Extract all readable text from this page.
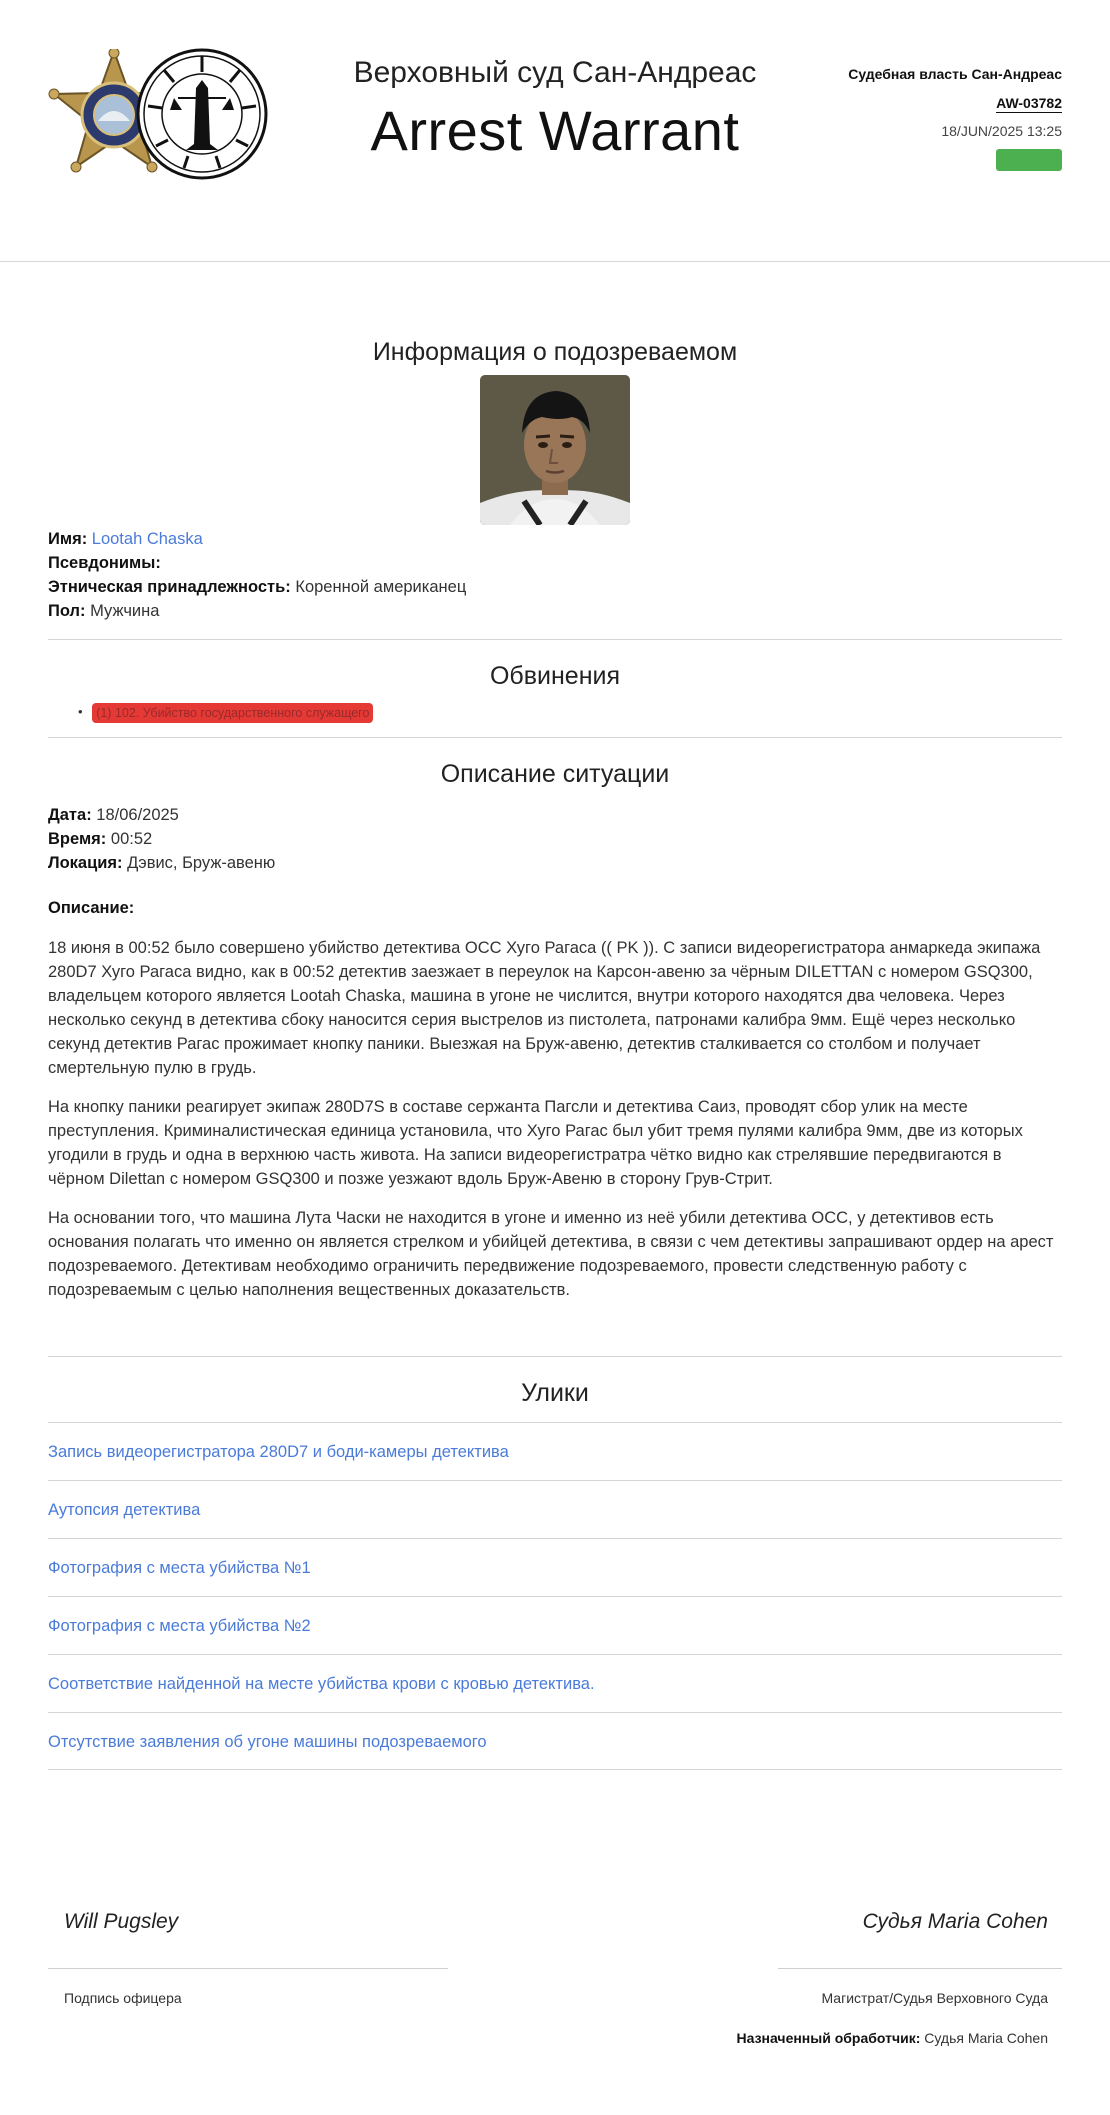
Верховный суд Сан-Андреас
Arrest Warrant
Судебная власть Сан-Андреас
AW-03782
18/JUN/2025 13:25
Информация о подозреваемом
Имя: Lootah Chaska
Псевдонимы:
Этническая принадлежность: Коренной американец
Пол: Мужчина
Обвинения
• (1) 102. Убийство государственного служащего
Описание ситуации
Дата: 18/06/2025
Время: 00:52
Локация: Дэвис, Бруж-авеню
Описание:

18 июня в 00:52 было совершено убийство детектива OCC Хуго Рагаса (( PK )). С записи видеорегистратора анмаркеда экипажа 280D7 Хуго Рагаса видно, как в 00:52 детектив заезжает в переулок на Карсон-авеню за чёрным DILETTAN с номером GSQ300, владельцем которого является Lootah Chaska, машина в угоне не числится, внутри которого находятся два человека. Через несколько секунд в детектива сбоку наносится серия выстрелов из пистолета, патронами калибра 9мм. Ещё через несколько секунд детектив Рагас прожимает кнопку паники. Выезжая на Бруж-авеню, детектив сталкивается со столбом и получает смертельную пулю в грудь.

На кнопку паники реагирует экипаж 280D7S в составе сержанта Пагсли и детектива Саиз, проводят сбор улик на месте преступления. Криминалистическая единица установила, что Хуго Рагас был убит тремя пулями калибра 9мм, две из которых угодили в грудь и одна в верхнюю часть живота. На записи видеорегистратра чётко видно как стрелявшие передвигаются в чёрном Dilettan с номером GSQ300 и позже уезжают вдоль Бруж-Авеню в сторону Грув-Стрит.

На основании того, что машина Лута Часки не находится в угоне и именно из неё убили детектива OCC, у детективов есть основания полагать что именно он является стрелком и убийцей детектива, в связи с чем детективы запрашивают ордер на арест подозреваемого. Детективам необходимо ограничить передвижение подозреваемого, провести следственную работу с подозреваемым с целью наполнения вещественных доказательств.

Улики
Запись видеорегистратора 280D7 и боди-камеры детектива
Аутопсия детектива
Фотография с места убийства №1
Фотография с места убийства №2
Соответствие найденной на месте убийства крови с кровью детектива.
Отсутствие заявления об угоне машины подозреваемого
Will Pugsley
Подпись офицера
Судья Maria Cohen
Магистрат/Судья Верховного Суда
Назначенный обработчик: Судья Maria Cohen
